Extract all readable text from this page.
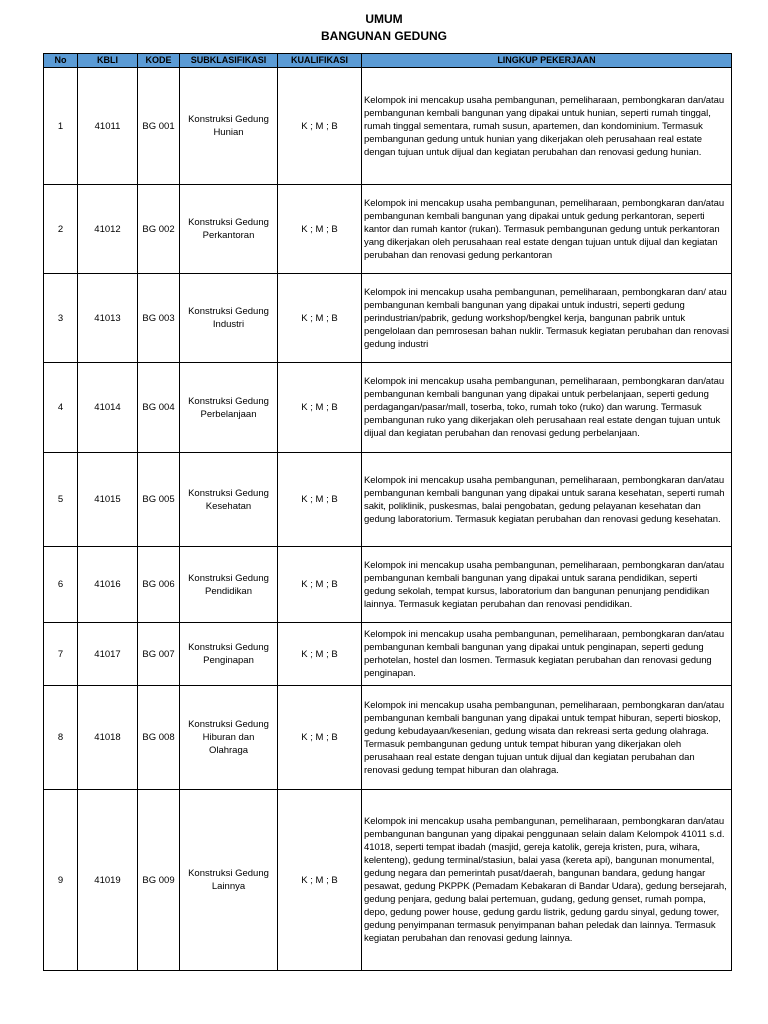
UMUM
BANGUNAN GEDUNG
No	KBLI	KODE	SUBKLASIFIKASI	KUALIFIKASI	LINGKUP PEKERJAAN
1	41011	BG 001	Konstruksi Gedung Hunian	K ; M ; B	Kelompok ini mencakup usaha pembangunan, pemeliharaan, pembongkaran dan/atau pembangunan kembali bangunan yang dipakai untuk hunian, seperti rumah tinggal, rumah tinggal sementara, rumah susun, apartemen, dan kondominium. Termasuk pembangunan gedung untuk hunian yang dikerjakan oleh perusahaan real estate dengan tujuan untuk dijual dan kegiatan perubahan dan renovasi gedung hunian.
2	41012	BG 002	Konstruksi Gedung Perkantoran	K ; M ; B	Kelompok ini mencakup usaha pembangunan, pemeliharaan, pembongkaran dan/atau pembangunan kembali bangunan yang dipakai untuk gedung perkantoran, seperti kantor dan rumah kantor (rukan). Termasuk pembangunan gedung untuk perkantoran yang dikerjakan oleh perusahaan real estate dengan tujuan untuk dijual dan kegiatan perubahan dan renovasi gedung perkantoran
3	41013	BG 003	Konstruksi Gedung Industri	K ; M ; B	Kelompok ini mencakup usaha pembangunan, pemeliharaan, pembongkaran dan/ atau pembangunan kembali bangunan yang dipakai untuk industri, seperti gedung perindustrian/pabrik, gedung workshop/bengkel kerja, bangunan pabrik untuk pengelolaan dan pemrosesan bahan nuklir. Termasuk kegiatan perubahan dan renovasi gedung industri
4	41014	BG 004	Konstruksi Gedung Perbelanjaan	K ; M ; B	Kelompok ini mencakup usaha pembangunan, pemeliharaan, pembongkaran dan/atau pembangunan kembali bangunan yang dipakai untuk perbelanjaan, seperti gedung perdagangan/pasar/mall, toserba, toko, rumah toko (ruko) dan warung. Termasuk pembangunan ruko yang dikerjakan oleh perusahaan real estate dengan tujuan untuk dijual dan kegiatan perubahan dan renovasi gedung perbelanjaan.
5	41015	BG 005	Konstruksi Gedung Kesehatan	K ; M ; B	Kelompok ini mencakup usaha pembangunan, pemeliharaan, pembongkaran dan/atau pembangunan kembali bangunan yang dipakai untuk sarana kesehatan, seperti rumah sakit, poliklinik, puskesmas, balai pengobatan, gedung pelayanan kesehatan dan gedung laboratorium. Termasuk kegiatan perubahan dan renovasi gedung kesehatan.
6	41016	BG 006	Konstruksi Gedung Pendidikan	K ; M ; B	Kelompok ini mencakup usaha pembangunan, pemeliharaan, pembongkaran dan/atau pembangunan kembali bangunan yang dipakai untuk sarana pendidikan, seperti gedung sekolah, tempat kursus, laboratorium dan bangunan penunjang pendidikan lainnya. Termasuk kegiatan perubahan dan renovasi pendidikan.
7	41017	BG 007	Konstruksi Gedung Penginapan	K ; M ; B	Kelompok ini mencakup usaha pembangunan, pemeliharaan, pembongkaran dan/atau pembangunan kembali bangunan yang dipakai untuk penginapan, seperti gedung perhotelan, hostel dan losmen. Termasuk kegiatan perubahan dan renovasi gedung penginapan.
8	41018	BG 008	Konstruksi Gedung Hiburan dan Olahraga	K ; M ; B	Kelompok ini mencakup usaha pembangunan, pemeliharaan, pembongkaran dan/atau pembangunan kembali bangunan yang dipakai untuk tempat hiburan, seperti bioskop, gedung kebudayaan/kesenian, gedung wisata dan rekreasi serta gedung olahraga. Termasuk pembangunan gedung untuk tempat hiburan yang dikerjakan oleh perusahaan real estate dengan tujuan untuk dijual dan kegiatan perubahan dan renovasi gedung tempat hiburan dan olahraga.
9	41019	BG 009	Konstruksi Gedung Lainnya	K ; M ; B	Kelompok ini mencakup usaha pembangunan, pemeliharaan, pembongkaran dan/atau pembangunan bangunan yang dipakai penggunaan selain dalam Kelompok 41011 s.d. 41018, seperti tempat ibadah (masjid, gereja katolik, gereja kristen, pura, wihara, kelenteng), gedung terminal/stasiun, balai yasa (kereta api), bangunan monumental, gedung negara dan pemerintah pusat/daerah, bangunan bandara, gedung hangar pesawat, gedung PKPPK (Pemadam Kebakaran di Bandar Udara), gedung bersejarah, gedung penjara, gedung balai pertemuan, gudang, gedung genset, rumah pompa, depo, gedung power house, gedung gardu listrik, gedung gardu sinyal, gedung tower, gedung penyimpanan termasuk penyimpanan bahan peledak dan lainnya. Termasuk kegiatan perubahan dan renovasi gedung lainnya.
